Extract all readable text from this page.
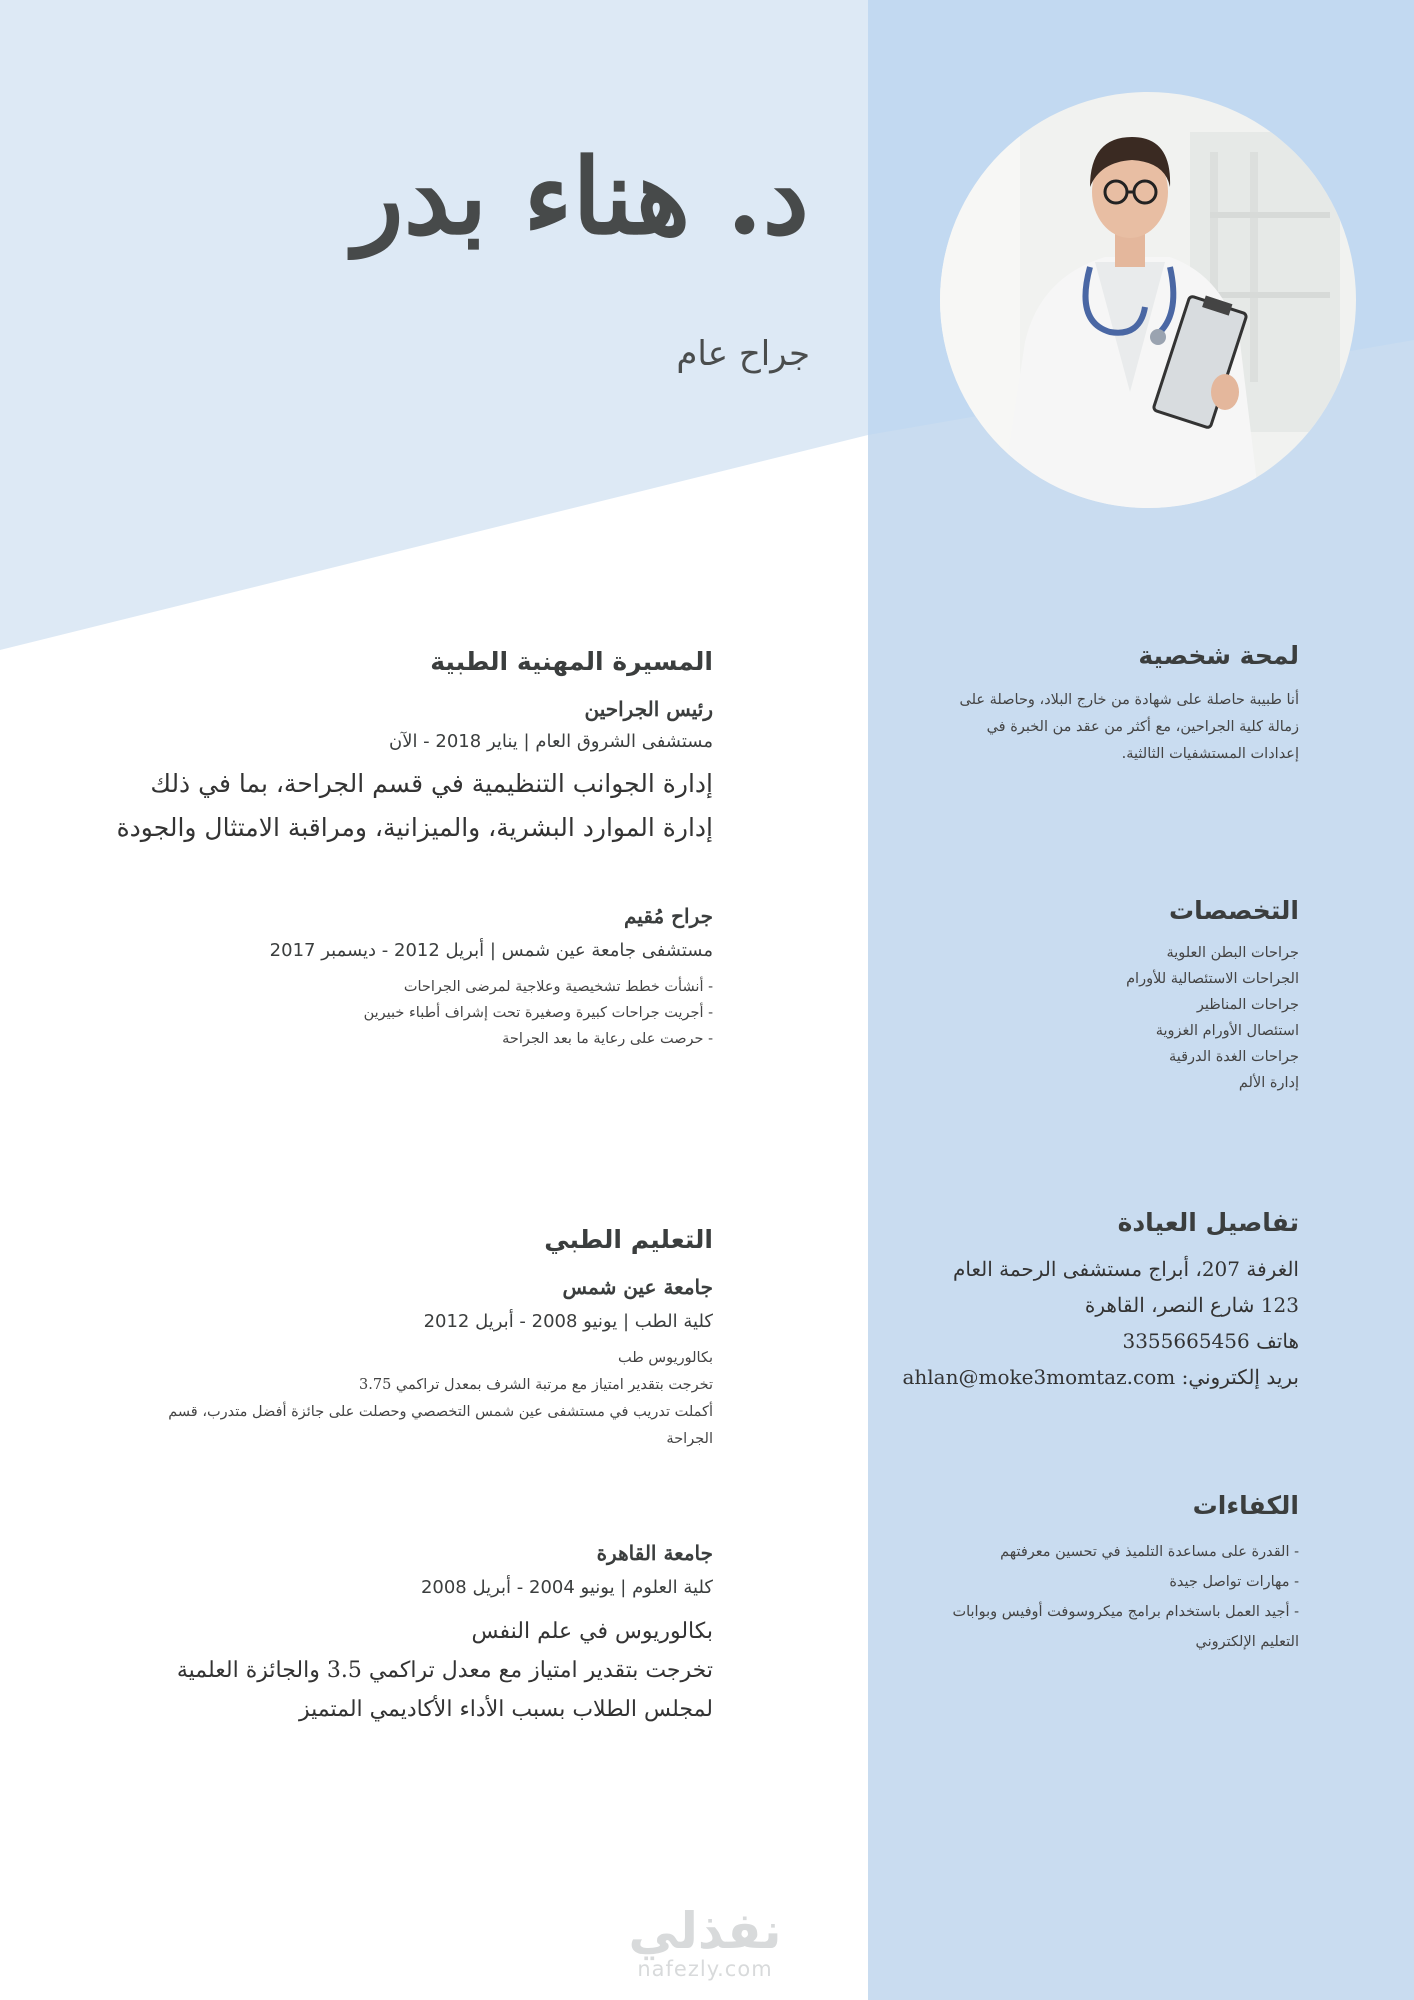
د. هناء بدر
جراح عام
لمحة شخصية
أنا طبيبة حاصلة على شهادة من خارج البلاد، وحاصلة على
زمالة كلية الجراحين، مع أكثر من عقد من الخبرة في
إعدادات المستشفيات الثالثية.
التخصصات
جراحات البطن العلوية
الجراحات الاستئصالية للأورام
جراحات المناظير
استئصال الأورام الغزوية
جراحات الغدة الدرقية
إدارة الألم
تفاصيل العيادة
الغرفة 207، أبراج مستشفى الرحمة العام
123 شارع النصر، القاهرة
هاتف 3355665456
بريد إلكتروني: ahlan@moke3momtaz.com
الكفاءات
- القدرة على مساعدة التلميذ في تحسين معرفتهم
- مهارات تواصل جيدة
- أجيد العمل باستخدام برامج ميكروسوفت أوفيس وبوابات
التعليم الإلكتروني
المسيرة المهنية الطبية
رئيس الجراحين
مستشفى الشروق العام | يناير 2018 - الآن
إدارة الجوانب التنظيمية في قسم الجراحة، بما في ذلك
إدارة الموارد البشرية، والميزانية، ومراقبة الامتثال والجودة
جراح مُقيم
مستشفى جامعة عين شمس | أبريل 2012 - ديسمبر 2017
- أنشأت خطط تشخيصية وعلاجية لمرضى الجراحات
- أجريت جراحات كبيرة وصغيرة تحت إشراف أطباء خبيرين
- حرصت على رعاية ما بعد الجراحة
التعليم الطبي
جامعة عين شمس
كلية الطب | يونيو 2008 - أبريل 2012
بكالوريوس طب
تخرجت بتقدير امتياز مع مرتبة الشرف بمعدل تراكمي 3.75
أكملت تدريب في مستشفى عين شمس التخصصي وحصلت على جائزة أفضل متدرب، قسم
الجراحة
جامعة القاهرة
كلية العلوم | يونيو 2004 - أبريل 2008
بكالوريوس في علم النفس
تخرجت بتقدير امتياز مع معدل تراكمي 3.5 والجائزة العلمية
لمجلس الطلاب بسبب الأداء الأكاديمي المتميز
نفذلي
nafezly.com
